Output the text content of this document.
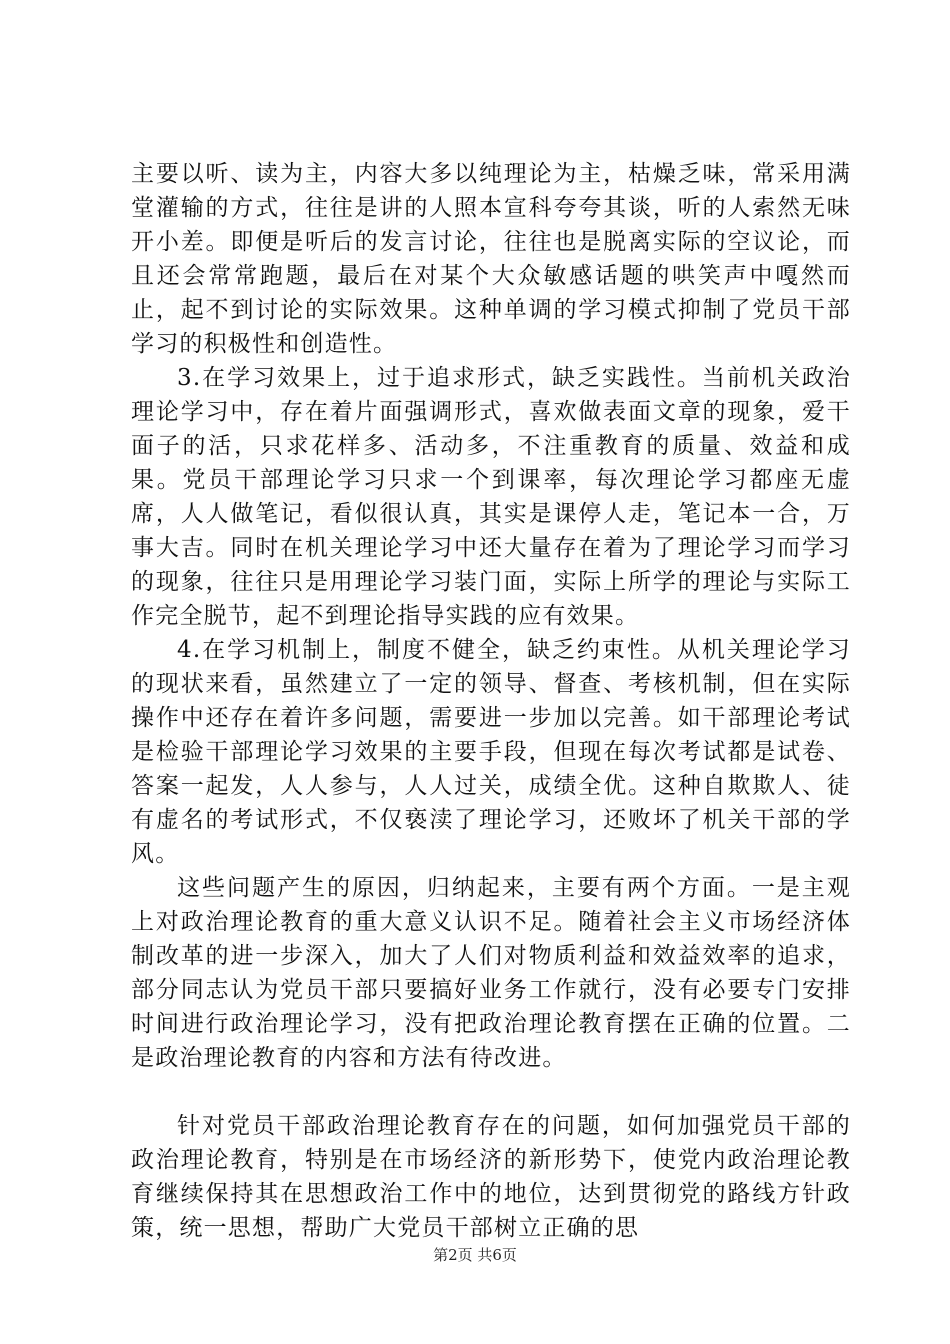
主要以听、读为主，内容大多以纯理论为主，枯燥乏味，常采用满堂灌输的方式，往往是讲的人照本宣科夸夸其谈，听的人索然无味开小差。即便是听后的发言讨论，往往也是脱离实际的空议论，而且还会常常跑题，最后在对某个大众敏感话题的哄笑声中嘎然而止，起不到讨论的实际效果。这种单调的学习模式抑制了党员干部学习的积极性和创造性。

3.在学习效果上，过于追求形式，缺乏实践性。当前机关政治理论学习中，存在着片面强调形式，喜欢做表面文章的现象，爱干面子的活，只求花样多、活动多，不注重教育的质量、效益和成果。党员干部理论学习只求一个到课率，每次理论学习都座无虚席，人人做笔记，看似很认真，其实是课停人走，笔记本一合，万事大吉。同时在机关理论学习中还大量存在着为了理论学习而学习的现象，往往只是用理论学习装门面，实际上所学的理论与实际工作完全脱节，起不到理论指导实践的应有效果。

4.在学习机制上，制度不健全，缺乏约束性。从机关理论学习的现状来看，虽然建立了一定的领导、督查、考核机制，但在实际操作中还存在着许多问题，需要进一步加以完善。如干部理论考试是检验干部理论学习效果的主要手段，但现在每次考试都是试卷、答案一起发，人人参与，人人过关，成绩全优。这种自欺欺人、徒有虚名的考试形式，不仅亵渎了理论学习，还败坏了机关干部的学风。

这些问题产生的原因，归纳起来，主要有两个方面。一是主观上对政治理论教育的重大意义认识不足。随着社会主义市场经济体制改革的进一步深入，加大了人们对物质利益和效益效率的追求，部分同志认为党员干部只要搞好业务工作就行，没有必要专门安排时间进行政治理论学习，没有把政治理论教育摆在正确的位置。二是政治理论教育的内容和方法有待改进。

针对党员干部政治理论教育存在的问题，如何加强党员干部的政治理论教育，特别是在市场经济的新形势下，使党内政治理论教育继续保持其在思想政治工作中的地位，达到贯彻党的路线方针政策，统一思想，帮助广大党员干部树立正确的思

第2页 共6页
